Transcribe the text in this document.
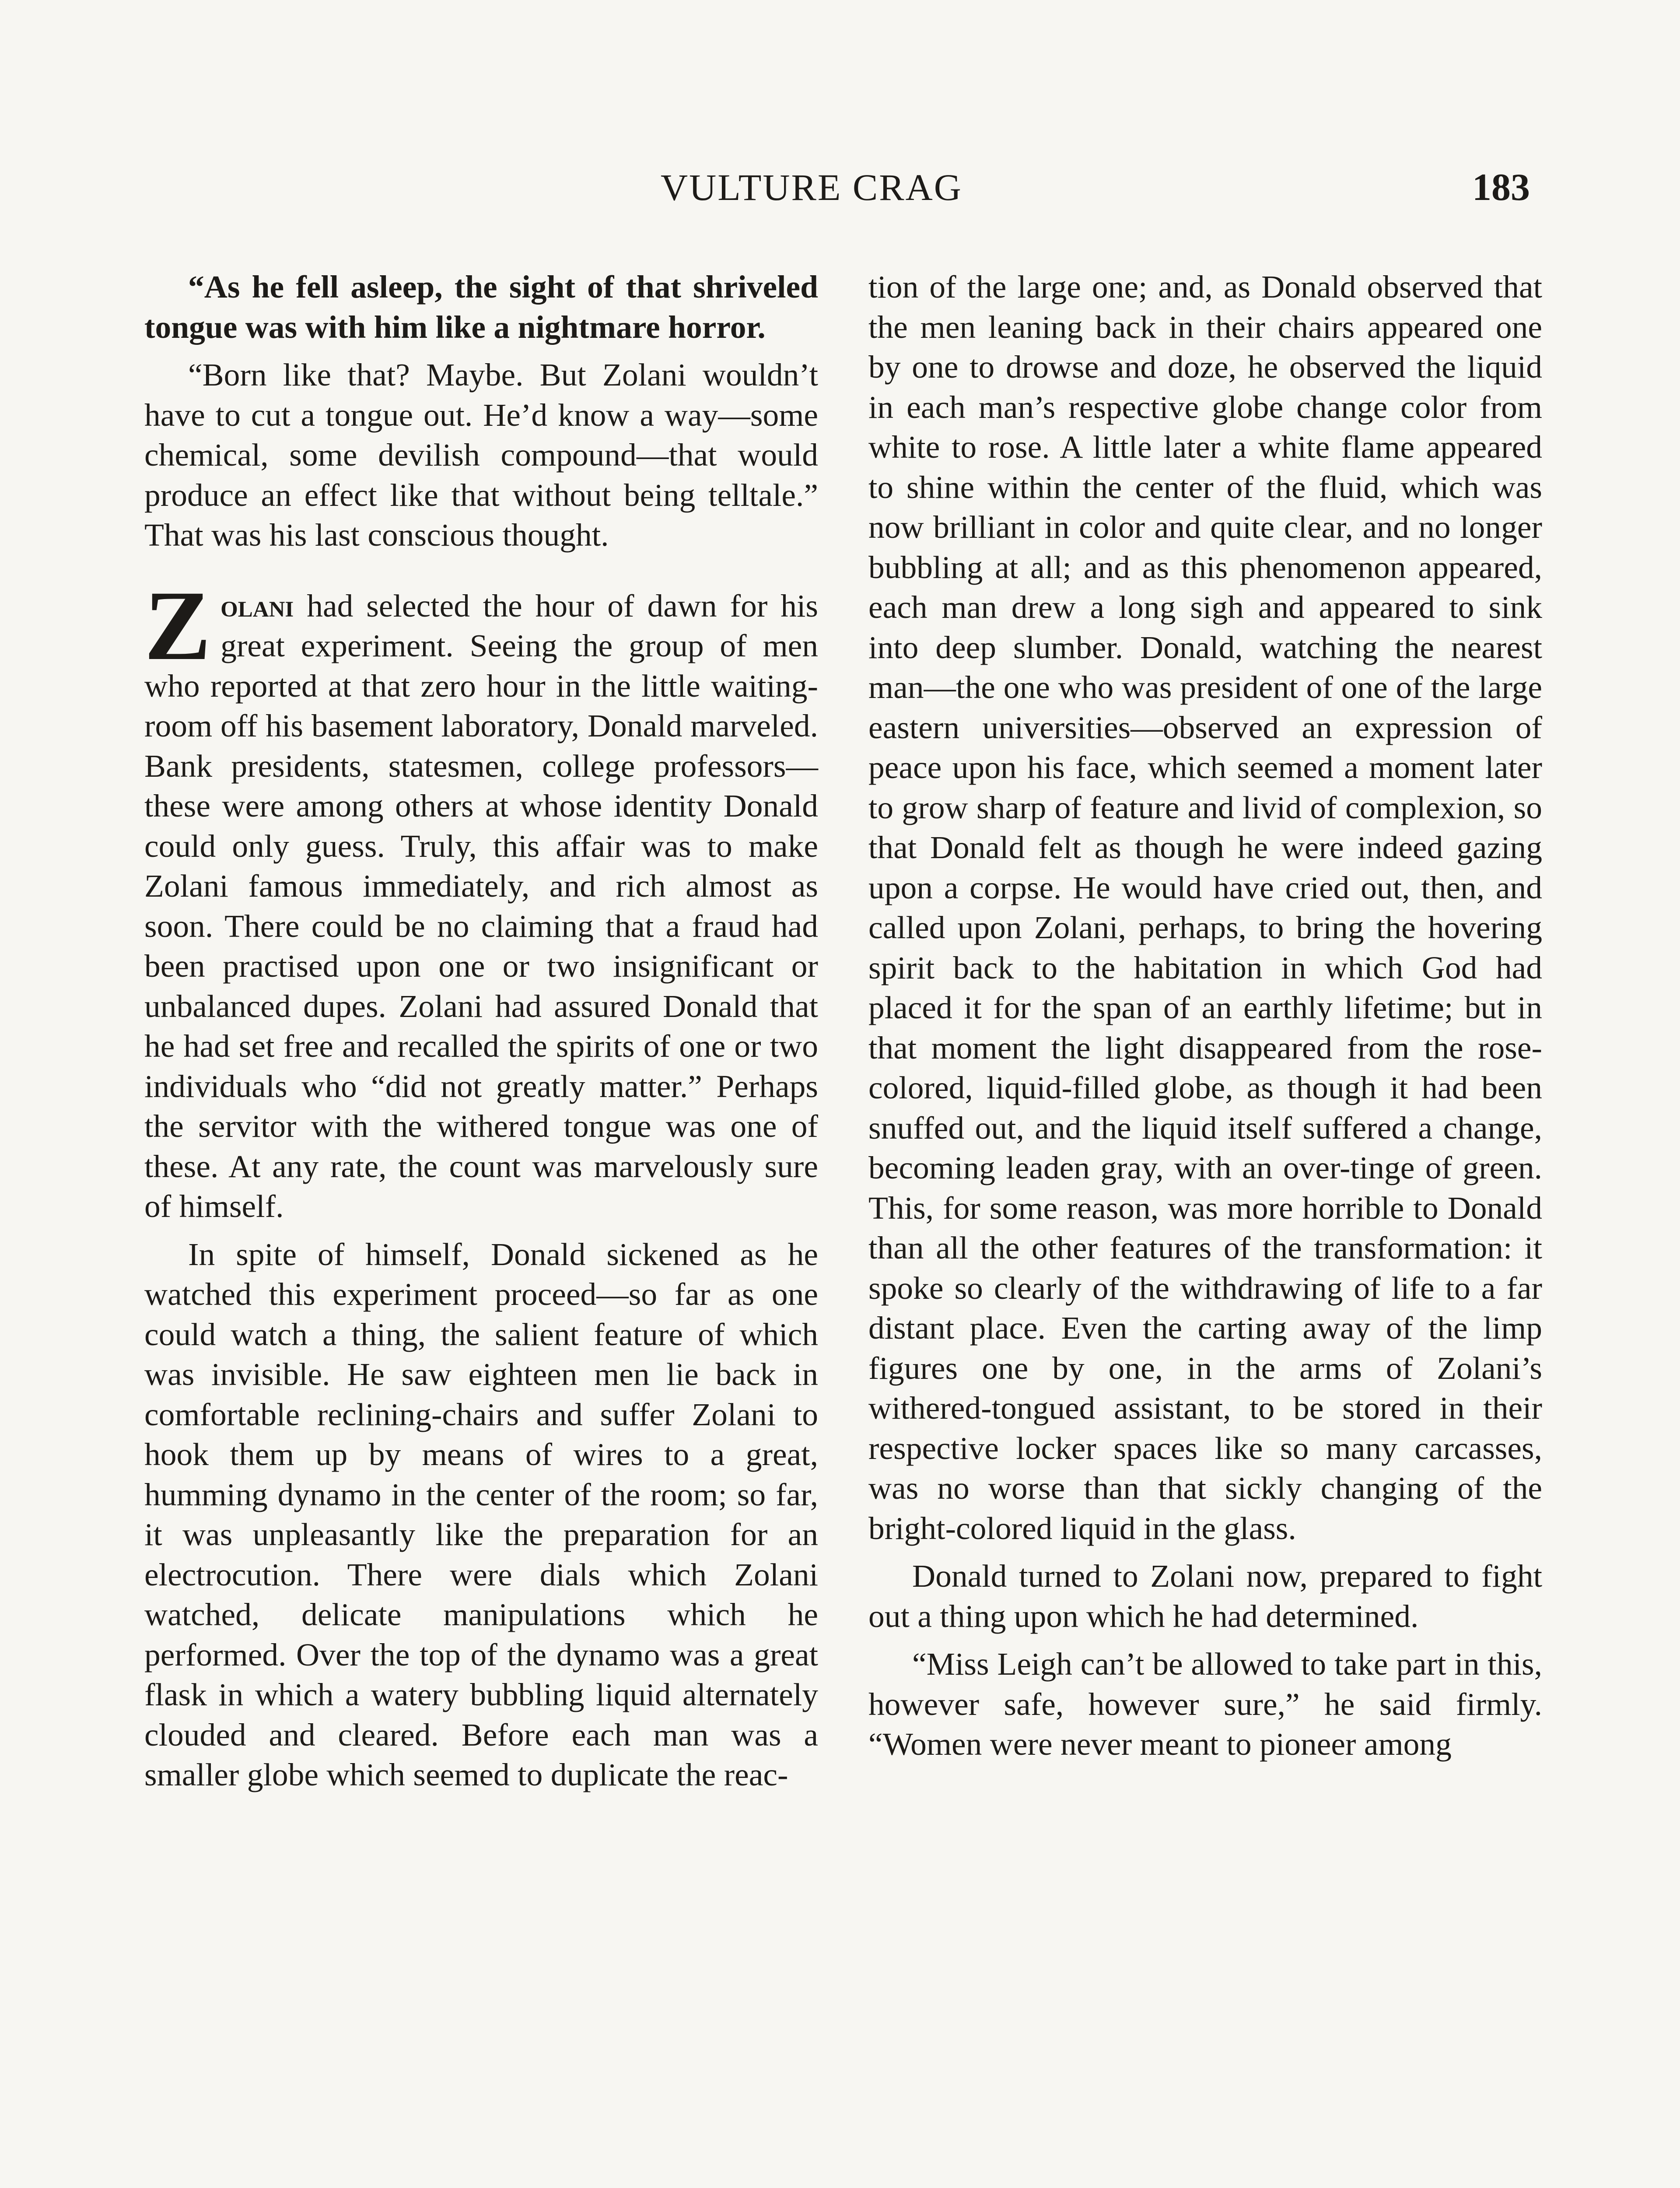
VULTURE CRAG	183

“As he fell asleep, the sight of that shriveled tongue was with him like a nightmare horror.

“Born like that? Maybe. But Zolani wouldn’t have to cut a tongue out. He’d know a way—some chemical, some devilish compound—that would produce an effect like that without being telltale.” That was his last conscious thought.

Zolani had selected the hour of dawn for his great experiment. Seeing the group of men who reported at that zero hour in the little waiting-room off his basement laboratory, Donald marveled. Bank presidents, statesmen, college professors—these were among others at whose identity Donald could only guess. Truly, this affair was to make Zolani famous immediately, and rich almost as soon. There could be no claiming that a fraud had been practised upon one or two insignificant or unbalanced dupes. Zolani had assured Donald that he had set free and recalled the spirits of one or two individuals who “did not greatly matter.” Perhaps the servitor with the withered tongue was one of these. At any rate, the count was marvelously sure of himself.

In spite of himself, Donald sickened as he watched this experiment proceed—so far as one could watch a thing, the salient feature of which was invisible. He saw eighteen men lie back in comfortable reclining-chairs and suffer Zolani to hook them up by means of wires to a great, humming dynamo in the center of the room; so far, it was unpleasantly like the preparation for an electrocution. There were dials which Zolani watched, delicate manipulations which he performed. Over the top of the dynamo was a great flask in which a watery bubbling liquid alternately clouded and cleared. Before each man was a smaller globe which seemed to duplicate the reac-

tion of the large one; and, as Donald observed that the men leaning back in their chairs appeared one by one to drowse and doze, he observed the liquid in each man’s respective globe change color from white to rose. A little later a white flame appeared to shine within the center of the fluid, which was now brilliant in color and quite clear, and no longer bubbling at all; and as this phenomenon appeared, each man drew a long sigh and appeared to sink into deep slumber. Donald, watching the nearest man—the one who was president of one of the large eastern universities—observed an expression of peace upon his face, which seemed a moment later to grow sharp of feature and livid of complexion, so that Donald felt as though he were indeed gazing upon a corpse. He would have cried out, then, and called upon Zolani, perhaps, to bring the hovering spirit back to the habitation in which God had placed it for the span of an earthly lifetime; but in that moment the light disappeared from the rose-colored, liquid-filled globe, as though it had been snuffed out, and the liquid itself suffered a change, becoming leaden gray, with an over-tinge of green. This, for some reason, was more horrible to Donald than all the other features of the transformation: it spoke so clearly of the withdrawing of life to a far distant place. Even the carting away of the limp figures one by one, in the arms of Zolani’s withered-tongued assistant, to be stored in their respective locker spaces like so many carcasses, was no worse than that sickly changing of the bright-colored liquid in the glass.

Donald turned to Zolani now, prepared to fight out a thing upon which he had determined.

“Miss Leigh can’t be allowed to take part in this, however safe, however sure,” he said firmly. “Women were never meant to pioneer among
